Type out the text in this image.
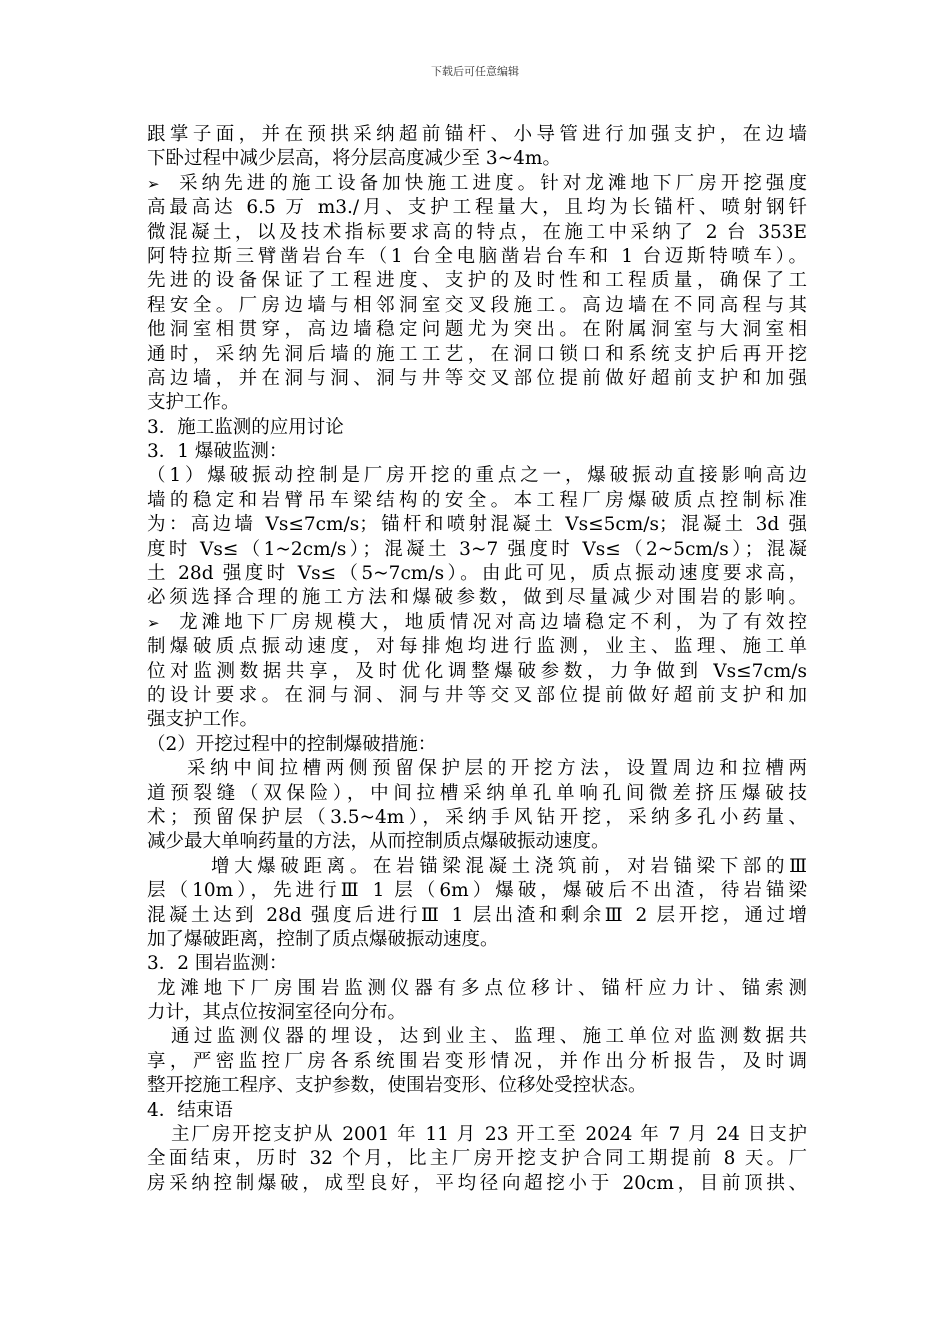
下载后可任意编辑
跟掌子面，并在预拱采纳超前锚杆、小导管进行加强支护，在边墙
下卧过程中减少层高，将分层高度减少至 3~4m。
➢ 采纳先进的施工设备加快施工进度。针对龙滩地下厂房开挖强度
高最高达 6.5 万 m3./月、支护工程量大，且均为长锚杆、喷射钢钎
微混凝土，以及技术指标要求高的特点，在施工中采纳了 2 台 353E
阿特拉斯三臂凿岩台车（1 台全电脑凿岩台车和 1 台迈斯特喷车）。
先进的设备保证了工程进度、支护的及时性和工程质量，确保了工
程安全。厂房边墙与相邻洞室交叉段施工。高边墙在不同高程与其
他洞室相贯穿，高边墙稳定问题尤为突出。在附属洞室与大洞室相
通时，采纳先洞后墙的施工工艺，在洞口锁口和系统支护后再开挖
高边墙，并在洞与洞、洞与井等交叉部位提前做好超前支护和加强
支护工作。
3．施工监测的应用讨论
3．1 爆破监测：
（1）爆破振动控制是厂房开挖的重点之一，爆破振动直接影响高边
墙的稳定和岩臂吊车梁结构的安全。本工程厂房爆破质点控制标准
为：高边墙 Vs≤7cm/s；锚杆和喷射混凝土 Vs≤5cm/s；混凝土 3d 强
度时 Vs≤（1~2cm/s）；混凝土 3~7 强度时 Vs≤（2~5cm/s）；混凝
土 28d 强度时 Vs≤（5~7cm/s）。由此可见，质点振动速度要求高，
必须选择合理的施工方法和爆破参数，做到尽量减少对围岩的影响。
➢ 龙滩地下厂房规模大，地质情况对高边墙稳定不利，为了有效控
制爆破质点振动速度，对每排炮均进行监测，业主、监理、施工单
位对监测数据共享，及时优化调整爆破参数，力争做到 Vs≤7cm/s
的设计要求。在洞与洞、洞与井等交叉部位提前做好超前支护和加
强支护工作。
（2）开挖过程中的控制爆破措施：
采纳中间拉槽两侧预留保护层的开挖方法，设置周边和拉槽两
道预裂缝（双保险），中间拉槽采纳单孔单响孔间微差挤压爆破技
术；预留保护层（3.5~4m），采纳手风钻开挖，采纳多孔小药量、
减少最大单响药量的方法，从而控制质点爆破振动速度。
增大爆破距离。在岩锚梁混凝土浇筑前，对岩锚梁下部的Ⅲ
层（10m），先进行Ⅲ 1 层（6m）爆破，爆破后不出渣，待岩锚梁
混凝土达到 28d 强度后进行Ⅲ 1 层出渣和剩余Ⅲ 2 层开挖，通过增
加了爆破距离，控制了质点爆破振动速度。
3．2 围岩监测：
龙滩地下厂房围岩监测仪器有多点位移计、锚杆应力计、锚索测
力计，其点位按洞室径向分布。
通过监测仪器的埋设，达到业主、监理、施工单位对监测数据共
享，严密监控厂房各系统围岩变形情况，并作出分析报告，及时调
整开挖施工程序、支护参数，使围岩变形、位移处受控状态。
4．结束语
主厂房开挖支护从 2001 年 11 月 23 开工至 2024 年 7 月 24 日支护
全面结束，历时 32 个月，比主厂房开挖支护合同工期提前 8 天。厂
房采纳控制爆破，成型良好，平均径向超挖小于 20cm，目前顶拱、
